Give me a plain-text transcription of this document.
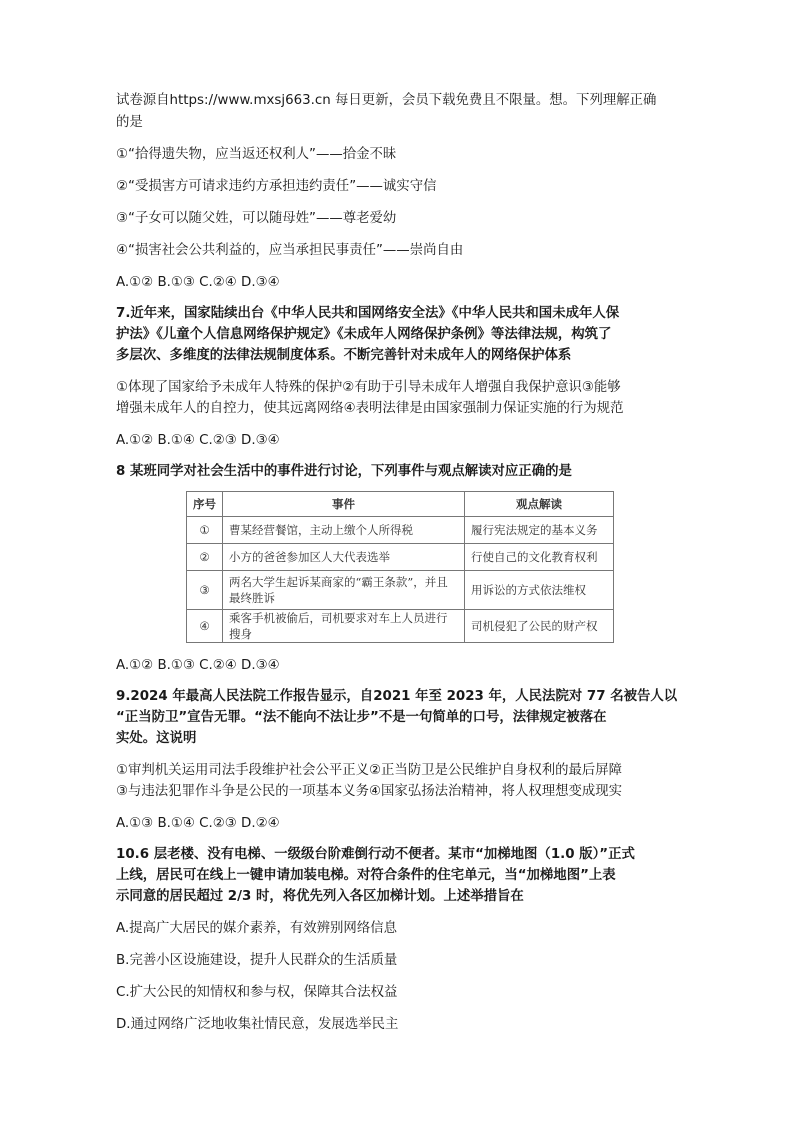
试卷源自https://www.mxsj663.cn 每日更新，会员下载免费且不限量。想。下列理解正确
的是
①“拾得遗失物，应当返还权利人”——拾金不昧
②“受损害方可请求违约方承担违约责任”——诚实守信
③“子女可以随父姓，可以随母姓”——尊老爱幼
④“损害社会公共利益的，应当承担民事责任”——崇尚自由
A.①② B.①③ C.②④ D.③④
7.近年来，国家陆续出台《中华人民共和国网络安全法》《中华人民共和国未成年人保
护法》《儿童个人信息网络保护规定》《未成年人网络保护条例》等法律法规，构筑了
多层次、多维度的法律法规制度体系。不断完善针对未成年人的网络保护体系
①体现了国家给予未成年人特殊的保护②有助于引导未成年人增强自我保护意识③能够
增强未成年人的自控力，使其远离网络④表明法律是由国家强制力保证实施的行为规范
A.①② B.①④ C.②③ D.③④
8 某班同学对社会生活中的事件进行讨论，下列事件与观点解读对应正确的是
序号	事件	观点解读
①	曹某经营餐馆，主动上缴个人所得税	履行宪法规定的基本义务
②	小方的爸爸参加区人大代表选举	行使自己的文化教育权利
③	两名大学生起诉某商家的“霸王条款”，并且最终胜诉	用诉讼的方式依法维权
④	乘客手机被偷后，司机要求对车上人员进行搜身	司机侵犯了公民的财产权
A.①② B.①③ C.②④ D.③④
9.2024 年最高人民法院工作报告显示，自2021 年至 2023 年，人民法院对 77 名被告人以
“正当防卫”宣告无罪。“法不能向不法让步”不是一句简单的口号，法律规定被落在
实处。这说明
①审判机关运用司法手段维护社会公平正义②正当防卫是公民维护自身权利的最后屏障
③与违法犯罪作斗争是公民的一项基本义务④国家弘扬法治精神，将人权理想变成现实
A.①③ B.①④ C.②③ D.②④
10.6 层老楼、没有电梯、一级级台阶难倒行动不便者。某市“加梯地图（1.0 版）”正式
上线，居民可在线上一键申请加装电梯。对符合条件的住宅单元，当“加梯地图”上表
示同意的居民超过 2/3 时，将优先列入各区加梯计划。上述举措旨在
A.提高广大居民的媒介素养，有效辨别网络信息
B.完善小区设施建设，提升人民群众的生活质量
C.扩大公民的知情权和参与权，保障其合法权益
D.通过网络广泛地收集社情民意，发展选举民主
